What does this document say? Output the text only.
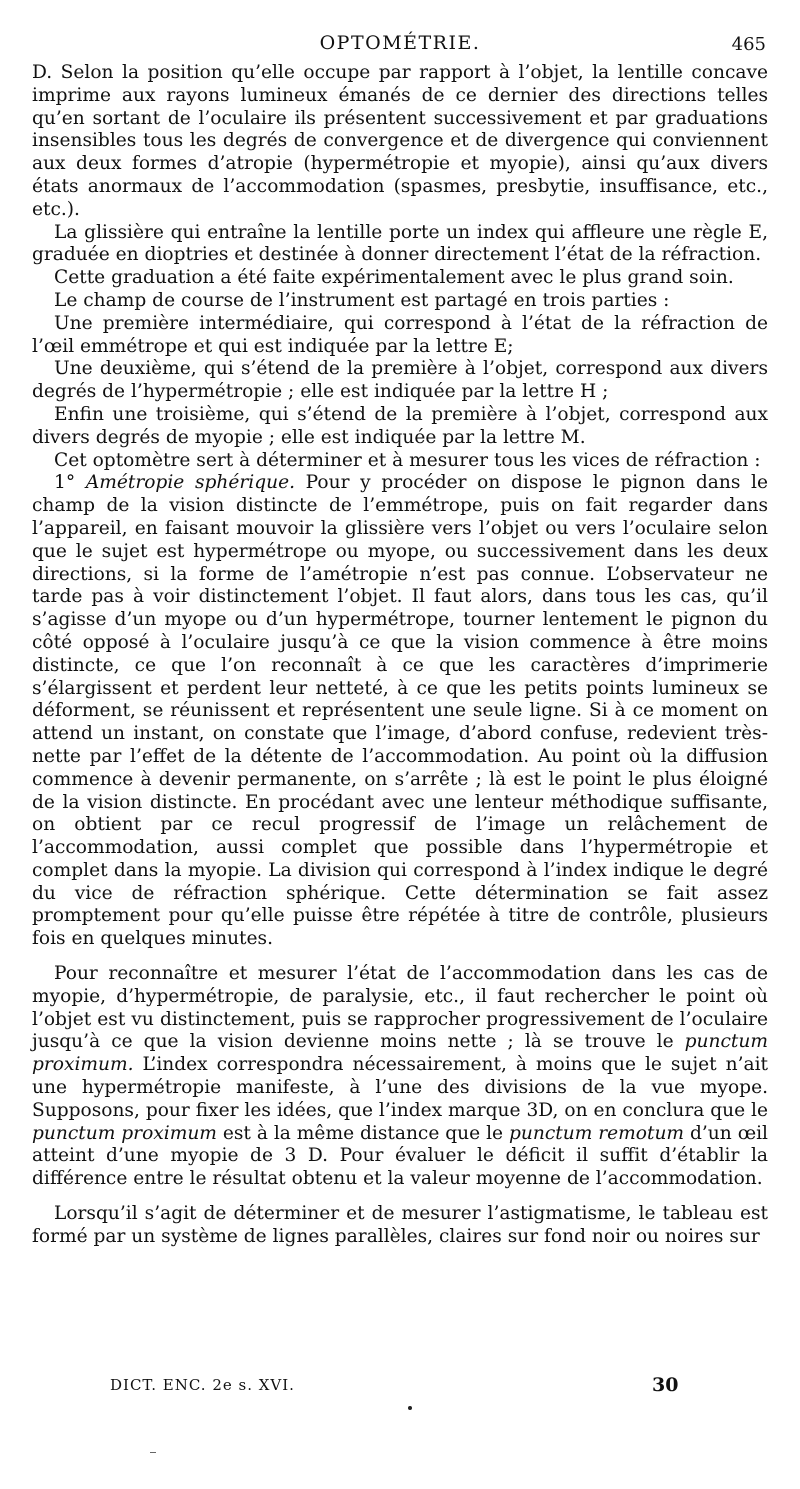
OPTOMÉTRIE.	465

D. Selon la position qu’elle occupe par rapport à l’objet, la lentille concave imprime aux rayons lumineux émanés de ce dernier des directions telles qu’en sortant de l’oculaire ils présentent successivement et par graduations insensibles tous les degrés de convergence et de divergence qui conviennent aux deux formes d’atropie (hypermétropie et myopie), ainsi qu’aux divers états anormaux de l’accommodation (spasmes, presbytie, insuffisance, etc., etc.).

La glissière qui entraîne la lentille porte un index qui affleure une règle E, graduée en dioptries et destinée à donner directement l’état de la réfraction.

Cette graduation a été faite expérimentalement avec le plus grand soin.

Le champ de course de l’instrument est partagé en trois parties :

Une première intermédiaire, qui correspond à l’état de la réfraction de l’œil emmétrope et qui est indiquée par la lettre E;

Une deuxième, qui s’étend de la première à l’objet, correspond aux divers degrés de l’hypermétropie ; elle est indiquée par la lettre H ;

Enfin une troisième, qui s’étend de la première à l’objet, correspond aux divers degrés de myopie ; elle est indiquée par la lettre M.

Cet optomètre sert à déterminer et à mesurer tous les vices de réfraction :

1° Amétropie sphérique. Pour y procéder on dispose le pignon dans le champ de la vision distincte de l’emmétrope, puis on fait regarder dans l’appareil, en faisant mouvoir la glissière vers l’objet ou vers l’oculaire selon que le sujet est hypermétrope ou myope, ou successivement dans les deux directions, si la forme de l’amétropie n’est pas connue. L’observateur ne tarde pas à voir distinctement l’objet. Il faut alors, dans tous les cas, qu’il s’agisse d’un myope ou d’un hypermétrope, tourner lentement le pignon du côté opposé à l’oculaire jusqu’à ce que la vision commence à être moins distincte, ce que l’on reconnaît à ce que les caractères d’imprimerie s’élargissent et perdent leur netteté, à ce que les petits points lumineux se déforment, se réunissent et représentent une seule ligne. Si à ce moment on attend un instant, on constate que l’image, d’abord confuse, redevient très-nette par l’effet de la détente de l’accommodation. Au point où la diffusion commence à devenir permanente, on s’arrête ; là est le point le plus éloigné de la vision distincte. En procédant avec une lenteur méthodique suffisante, on obtient par ce recul progressif de l’image un relâchement de l’accommodation, aussi complet que possible dans l’hypermétropie et complet dans la myopie. La division qui correspond à l’index indique le degré du vice de réfraction sphérique. Cette détermination se fait assez promptement pour qu’elle puisse être répétée à titre de contrôle, plusieurs fois en quelques minutes.

Pour reconnaître et mesurer l’état de l’accommodation dans les cas de myopie, d’hypermétropie, de paralysie, etc., il faut rechercher le point où l’objet est vu distinctement, puis se rapprocher progressivement de l’oculaire jusqu’à ce que la vision devienne moins nette ; là se trouve le punctum proximum. L’index correspondra nécessairement, à moins que le sujet n’ait une hypermétropie manifeste, à l’une des divisions de la vue myope. Supposons, pour fixer les idées, que l’index marque 3D, on en conclura que le punctum proximum est à la même distance que le punctum remotum d’un œil atteint d’une myopie de 3 D. Pour évaluer le déficit il suffit d’établir la différence entre le résultat obtenu et la valeur moyenne de l’accommodation.

Lorsqu’il s’agit de déterminer et de mesurer l’astigmatisme, le tableau est formé par un système de lignes parallèles, claires sur fond noir ou noires sur

DICT. ENC. 2e s. XVI.	30
